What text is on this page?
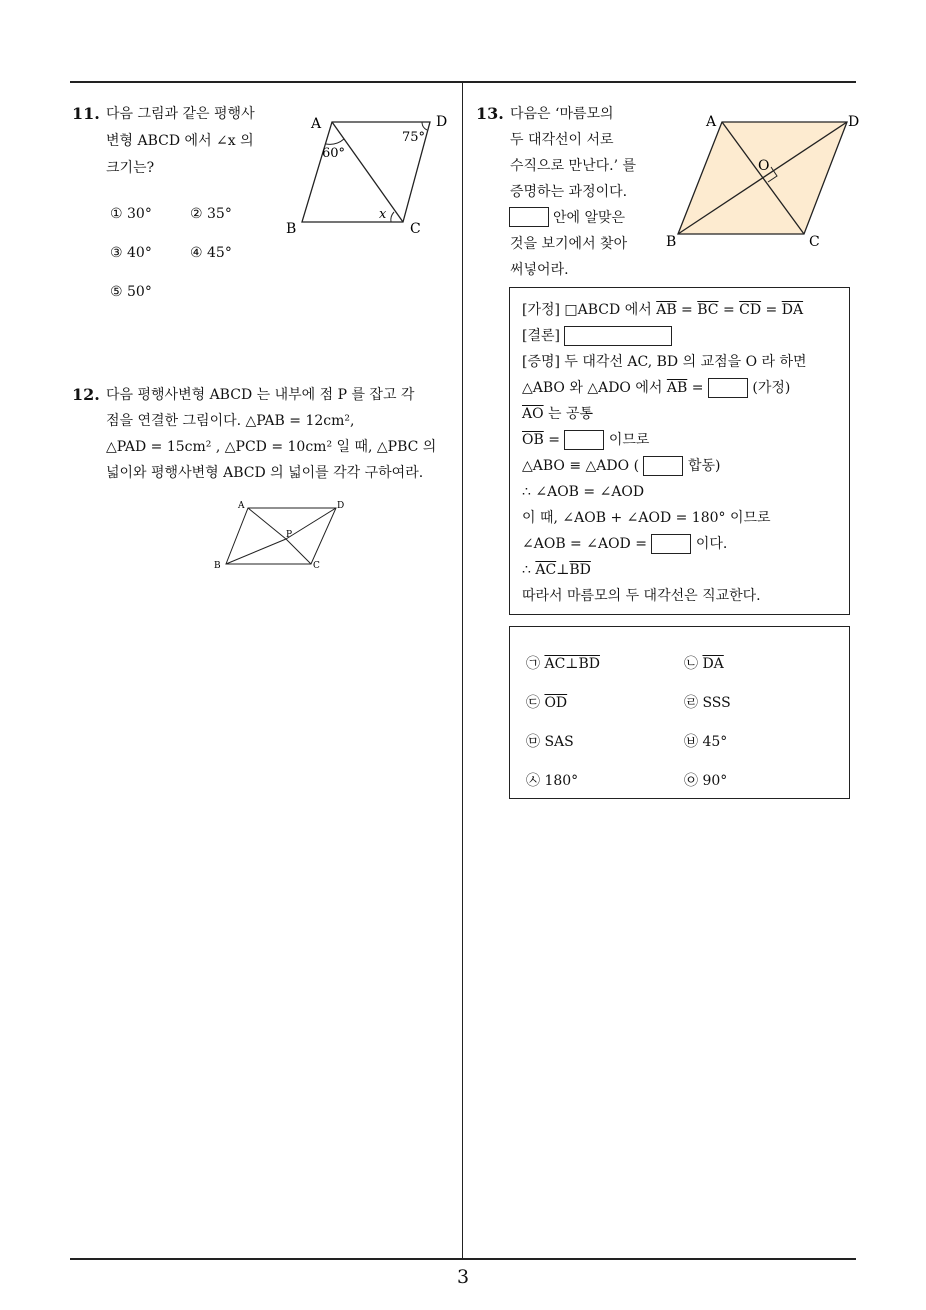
3
11. 다음 그림과 같은 평행사
변형 ABCD 에서 ∠x 의
크기는?
① 30°	② 35°
③ 40°	④ 45°
⑤ 50°
A	D
B	C
60°
75°
x
12. 다음 평행사변형 ABCD 는 내부에 점 P 를 잡고 각
점을 연결한 그림이다. △PAB = 12cm²,
△PAD = 15cm² , △PCD = 10cm² 일 때, △PBC 의
넓이와 평행사변형 ABCD 의 넓이를 각각 구하여라.
A	D
B	C
P
13. 다음은 ‘마름모의
두 대각선이 서로
수직으로 만난다.’ 를
증명하는 과정이다.
안에 알맞은
것을 보기에서 찾아
써넣어라.
A	D
B	C
O
[가정] □ABCD 에서 $\overline{AB} = \overline{BC} = \overline{CD} = \overline{DA}$
[결론]
[증명] 두 대각선 AC, BD 의 교점을 O 라 하면
△ABO 와 △ADO 에서 $\overline{AB}$ =	(가정)
$\overline{AO}$ 는 공통
$\overline{OB}$ =	이므로
△ABO ≡ △ADO (	합동)
∴ ∠AOB = ∠AOD
이 때, ∠AOB + ∠AOD = 180° 이므로
∠AOB = ∠AOD =	이다.
∴ $\overline{AC}\perp\overline{BD}$
따라서 마름모의 두 대각선은 직교한다.
㉠ AC⊥BD	㉡ $\overline{DA}$
㉢ $\overline{OD}$	㉣ SSS
㉤ SAS	㉥ 45°
㉦ 180°	㉧ 90°
